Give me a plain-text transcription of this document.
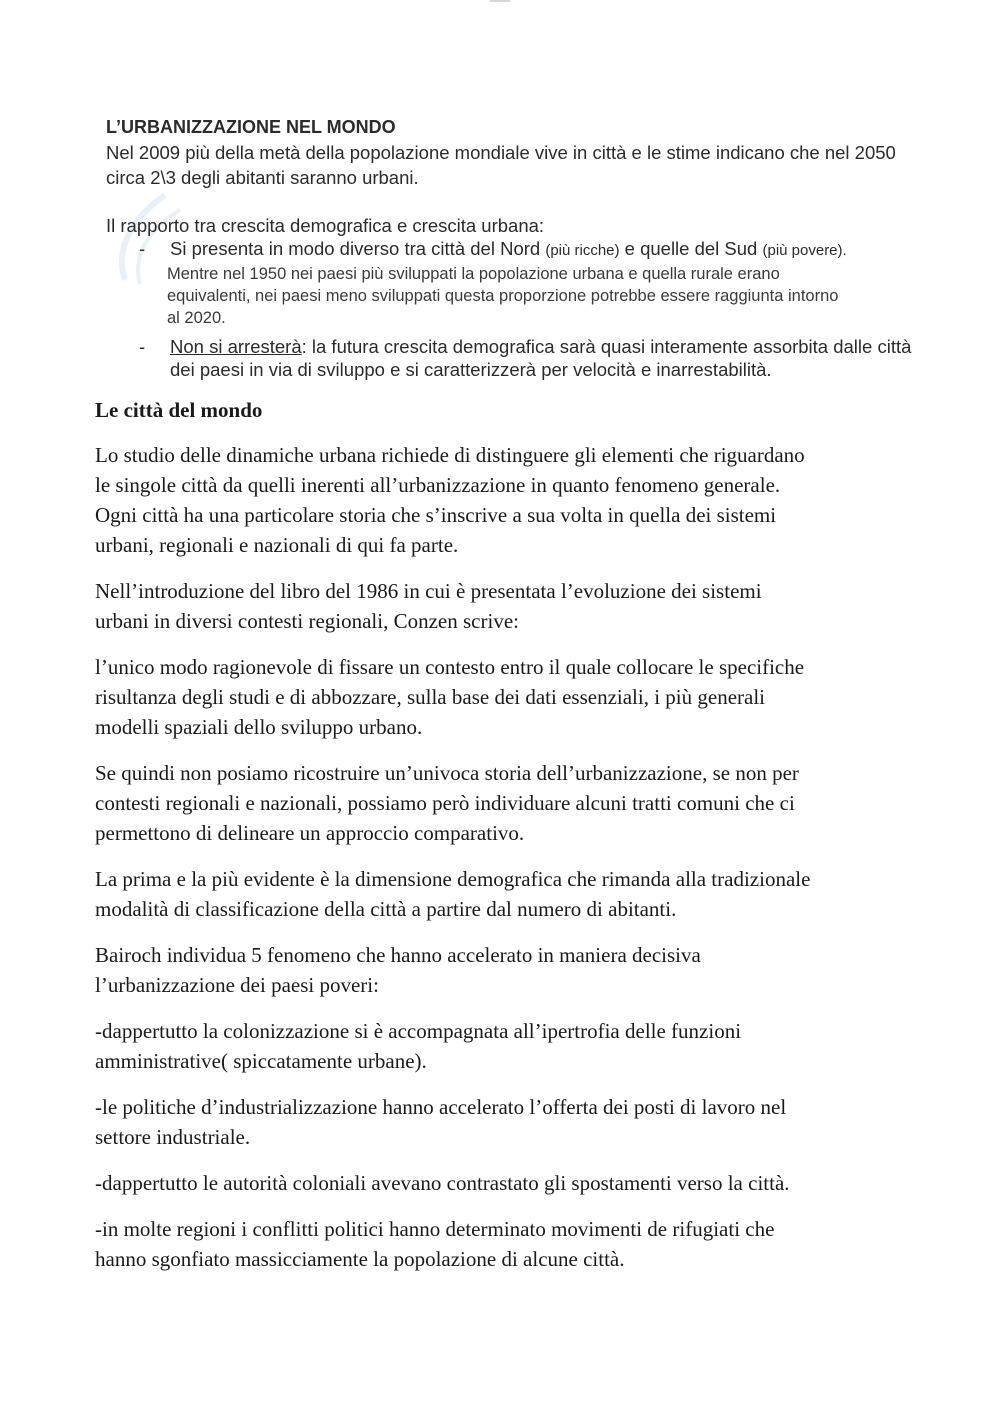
L’URBANIZZAZIONE NEL MONDO

Nel 2009 più della metà della popolazione mondiale vive in città e le stime indicano che nel 2050
circa 2\3 degli abitanti saranno urbani.

Il rapporto tra crescita demografica e crescita urbana:

- Si presenta in modo diverso tra città del Nord (più ricche) e quelle del Sud (più povere).
Mentre nel 1950 nei paesi più sviluppati la popolazione urbana e quella rurale erano
equivalenti, nei paesi meno sviluppati questa proporzione potrebbe essere raggiunta intorno
al 2020.
- Non si arresterà: la futura crescita demografica sarà quasi interamente assorbita dalle città
dei paesi in via di sviluppo e si caratterizzerà per velocità e inarrestabilità.

Le città del mondo

Lo studio delle dinamiche urbana richiede di distinguere gli elementi che riguardano
le singole città da quelli inerenti all’urbanizzazione in quanto fenomeno generale.
Ogni città ha una particolare storia che s’inscrive a sua volta in quella dei sistemi
urbani, regionali e nazionali di qui fa parte.

Nell’introduzione del libro del 1986 in cui è presentata l’evoluzione dei sistemi
urbani in diversi contesti regionali, Conzen scrive:

l’unico modo ragionevole di fissare un contesto entro il quale collocare le specifiche
risultanza degli studi e di abbozzare, sulla base dei dati essenziali, i più generali
modelli spaziali dello sviluppo urbano.

Se quindi non posiamo ricostruire un’univoca storia dell’urbanizzazione, se non per
contesti regionali e nazionali, possiamo però individuare alcuni tratti comuni che ci
permettono di delineare un approccio comparativo.

La prima e la più evidente è la dimensione demografica che rimanda alla tradizionale
modalità di classificazione della città a partire dal numero di abitanti.

Bairoch individua 5 fenomeno che hanno accelerato in maniera decisiva
l’urbanizzazione dei paesi poveri:

-dappertutto la colonizzazione si è accompagnata all’ipertrofia delle funzioni
amministrative( spiccatamente urbane).

-le politiche d’industrializzazione hanno accelerato l’offerta dei posti di lavoro nel
settore industriale.

-dappertutto le autorità coloniali avevano contrastato gli spostamenti verso la città.

-in molte regioni i conflitti politici hanno determinato movimenti de rifugiati che
hanno sgonfiato massicciamente la popolazione di alcune città.
